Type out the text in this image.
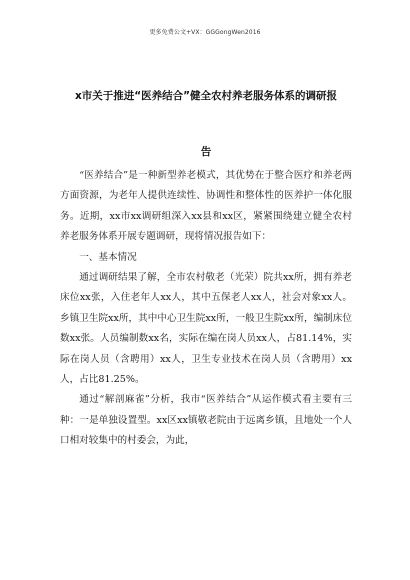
更多免费公文+VX：GGGongWen2016
x市关于推进“医养结合”健全农村养老服务体系的调研报
告

“医养结合”是一种新型养老模式，其优势在于整合医疗和养老两方面资源，为老年人提供连续性、协调性和整体性的医养护一体化服务。近期，xx市xx调研组深入xx县和xx区，紧紧围绕建立健全农村养老服务体系开展专题调研，现将情况报告如下：

一、基本情况

通过调研结果了解，全市农村敬老（光荣）院共xx所，拥有养老床位xx张，入住老年人xx人，其中五保老人xx人，社会对象xx人。乡镇卫生院xx所，其中中心卫生院xx所，一般卫生院xx所，编制床位数xx张。人员编制数xx名，实际在编在岗人员xx人，占81.14%，实际在岗人员（含聘用）xx人，卫生专业技术在岗人员（含聘用）xx人，占比81.25%。

通过“解剖麻雀”分析，我市“医养结合”从运作模式看主要有三种：一是单独设置型。xx区xx镇敬老院由于远离乡镇，且地处一个人口相对较集中的村委会，为此，
